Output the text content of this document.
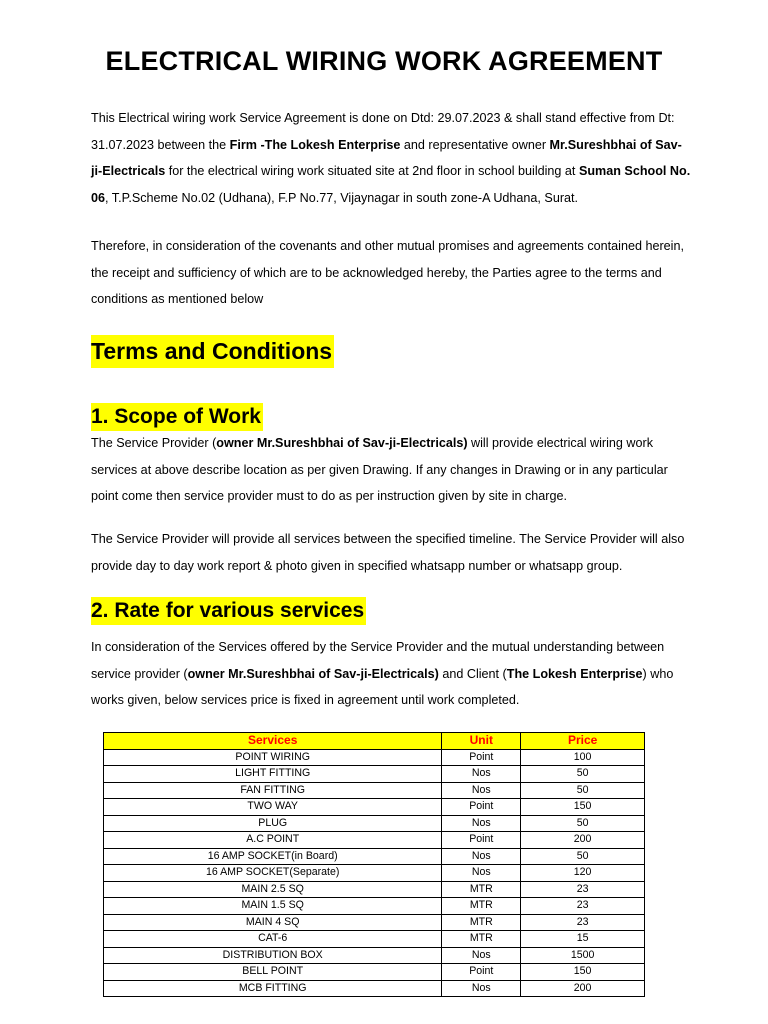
ELECTRICAL WIRING WORK AGREEMENT
This Electrical wiring work Service Agreement is done on Dtd: 29.07.2023 & shall stand effective from Dt: 31.07.2023 between the Firm -The Lokesh Enterprise and representative owner Mr.Sureshbhai of Sav-ji-Electricals for the electrical wiring work situated site at 2nd floor in school building at Suman School No. 06, T.P.Scheme No.02 (Udhana), F.P No.77, Vijaynagar in south zone-A Udhana, Surat.
Therefore, in consideration of the covenants and other mutual promises and agreements contained herein, the receipt and sufficiency of which are to be acknowledged hereby, the Parties agree to the terms and conditions as mentioned below
Terms and Conditions
1. Scope of Work
The Service Provider (owner Mr.Sureshbhai of Sav-ji-Electricals) will provide electrical wiring work services at above describe location as per given Drawing. If any changes in Drawing or in any particular point come then service provider must to do as per instruction given by site in charge.
The Service Provider will provide all services between the specified timeline. The Service Provider will also provide day to day work report & photo given in specified whatsapp number or whatsapp group.
2. Rate for various services
In consideration of the Services offered by the Service Provider and the mutual understanding between service provider (owner Mr.Sureshbhai of Sav-ji-Electricals) and Client (The Lokesh Enterprise) who works given, below services price is fixed in agreement until work completed.
Services	Unit	Price
POINT WIRING	Point	100
LIGHT FITTING	Nos	50
FAN FITTING	Nos	50
TWO WAY	Point	150
PLUG	Nos	50
A.C POINT	Point	200
16 AMP SOCKET(in Board)	Nos	50
16 AMP SOCKET(Separate)	Nos	120
MAIN 2.5 SQ	MTR	23
MAIN 1.5 SQ	MTR	23
MAIN 4 SQ	MTR	23
CAT-6	MTR	15
DISTRIBUTION BOX	Nos	1500
BELL POINT	Point	150
MCB FITTING	Nos	200
